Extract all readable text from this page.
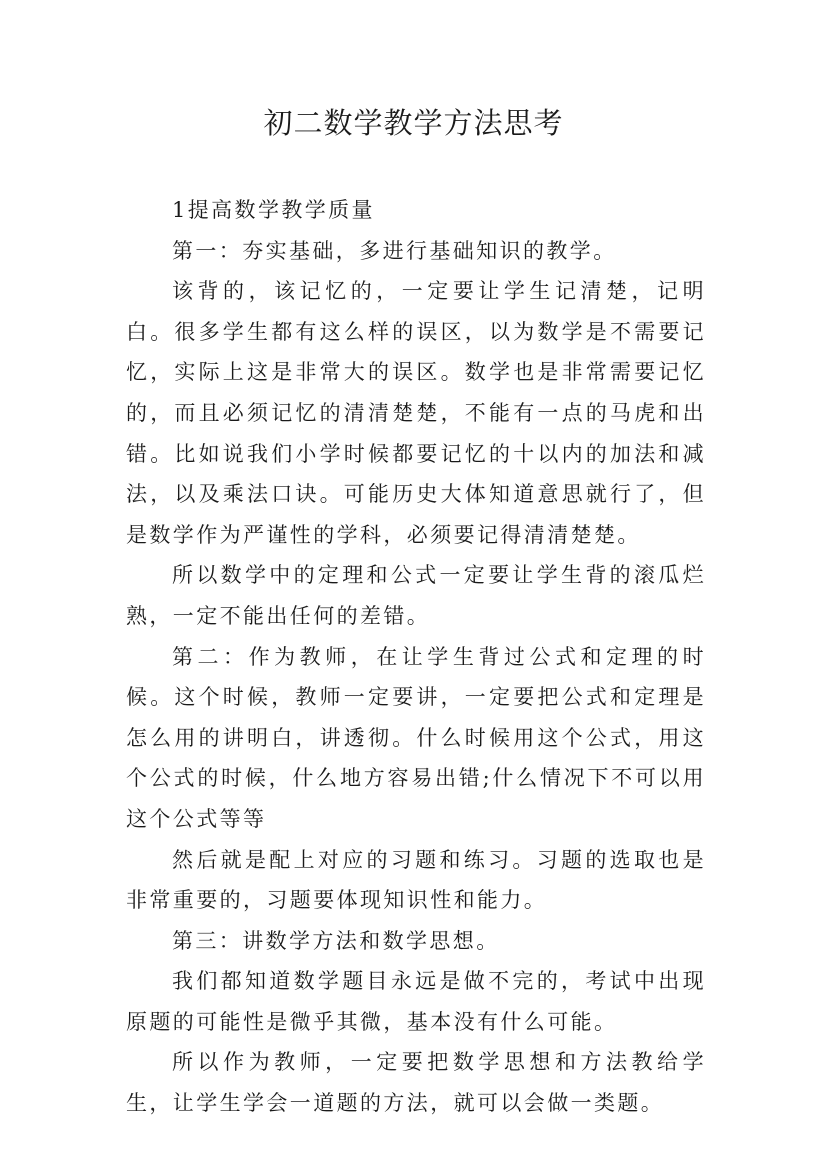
初二数学教学方法思考

1提高数学教学质量

第一：夯实基础，多进行基础知识的教学。

该背的，该记忆的，一定要让学生记清楚，记明白。很多学生都有这么样的误区，以为数学是不需要记忆，实际上这是非常大的误区。数学也是非常需要记忆的，而且必须记忆的清清楚楚，不能有一点的马虎和出错。比如说我们小学时候都要记忆的十以内的加法和减法，以及乘法口诀。可能历史大体知道意思就行了，但是数学作为严谨性的学科，必须要记得清清楚楚。

所以数学中的定理和公式一定要让学生背的滚瓜烂熟，一定不能出任何的差错。

第二：作为教师，在让学生背过公式和定理的时候。这个时候，教师一定要讲，一定要把公式和定理是怎么用的讲明白，讲透彻。什么时候用这个公式，用这个公式的时候，什么地方容易出错;什么情况下不可以用这个公式等等

然后就是配上对应的习题和练习。习题的选取也是非常重要的，习题要体现知识性和能力。

第三：讲数学方法和数学思想。

我们都知道数学题目永远是做不完的，考试中出现原题的可能性是微乎其微，基本没有什么可能。

所以作为教师，一定要把数学思想和方法教给学生，让学生学会一道题的方法，就可以会做一类题。
